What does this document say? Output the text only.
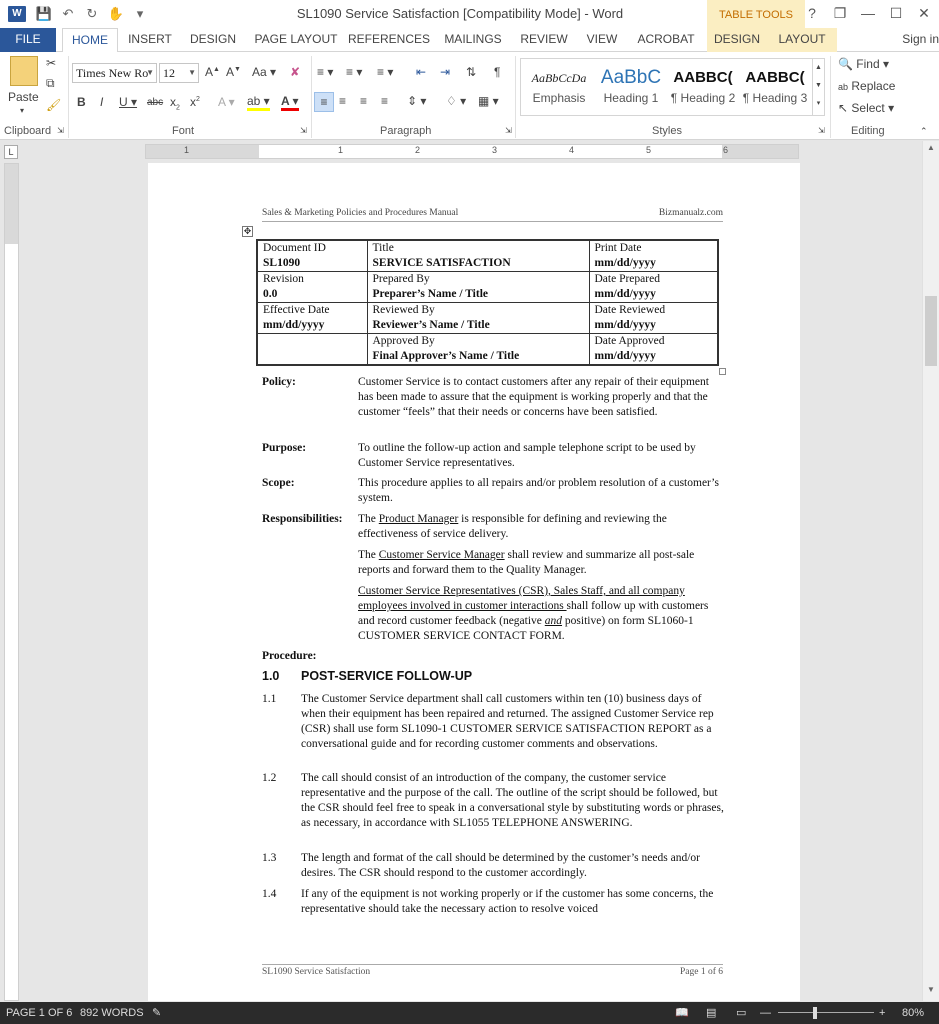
W	💾 ↶	↻ ✋ ▾	SL1090 Service Satisfaction [Compatibility Mode] - Word	TABLE TOOLS	?	❐ — ☐ ✕
FILE	HOME	INSERT	DESIGN	PAGE LAYOUT REFERENCES	MAILINGS	REVIEW	VIEW	ACROBAT	DESIGN	LAYOUT	Sign in
Paste
▾
✂
⧉
🖌
Clipboard ⇲
Times New Ro
▼ 12 ▼ A▲ A▼ Aa ▾ ✘
B I U ▾ abc $x_2$ $x^2$ A ▾ ab ▾ A ▾
Font	⇲
≡ ▾ ≡ ▾ ≡ ▾ ⇤ ⇥ ⇅ ¶
≡ ≡ ≡ ≡ ⇕ ▾ ♢ ▾ ▦ ▾
Paragraph	⇲
AaBbCcDa
Emphasis
AaBbC
Heading 1
AABBC(
¶ Heading 2
AABBC(
¶ Heading 3
▲
▼
▾
Styles	⇲
🔍 Find ▾
ab Replace
↖ Select ▾
Editing	⌃
L	1	1	2	3	4	5	6	▲
▼
Sales & Marketing Policies and Procedures Manual	Bizmanualz.com
✥
Document ID
SL1090	Title
SERVICE SATISFACTION	Print Date
mm/dd/yyyy
Revision
0.0	Prepared By
Preparer’s Name / Title	Date Prepared
mm/dd/yyyy
Effective Date
mm/dd/yyyy	Reviewed By
Reviewer’s Name / Title	Date Reviewed
mm/dd/yyyy

	Approved By
Final Approver’s Name / Title	Date Approved
mm/dd/yyyy
Policy:	Customer Service is to contact customers after any repair of their equipment has been made to assure that the equipment is working properly and that the customer “feels” that their needs or concerns have been satisfied.
Purpose:	To outline the follow-up action and sample telephone script to be used by Customer Service representatives.
Scope:	This procedure applies to all repairs and/or problem resolution of a customer’s system.
Responsibilities: The Product Manager is responsible for defining and reviewing the effectiveness of service delivery.
The Customer Service Manager shall review and summarize all post-sale reports and forward them to the Quality Manager.
Customer Service Representatives (CSR), Sales Staff, and all company employees involved in customer interactions shall follow up with customers and record customer feedback (negative and positive) on form SL1060-1 CUSTOMER SERVICE CONTACT FORM.
Procedure:
1.0 POST-SERVICE FOLLOW-UP
1.1 The Customer Service department shall call customers within ten (10) business days of when their equipment has been repaired and returned. The assigned Customer Service rep (CSR) shall use form SL1090-1 CUSTOMER SERVICE SATISFACTION REPORT as a conversational guide and for recording customer comments and observations.
1.2 The call should consist of an introduction of the company, the customer service representative and the purpose of the call. The outline of the script should be followed, but the CSR should feel free to speak in a conversational style by substituting words or phrases, as necessary, in accordance with SL1055 TELEPHONE ANSWERING.
1.3 The length and format of the call should be determined by the customer’s needs and/or desires. The CSR should respond to the customer accordingly.
1.4 If any of the equipment is not working properly or if the customer has some concerns, the representative should take the necessary action to resolve voiced
SL1090 Service Satisfaction	Page 1 of 6
PAGE 1 OF 6 892 WORDS ✎	📖 ▤ ▭ —	+ 80%
